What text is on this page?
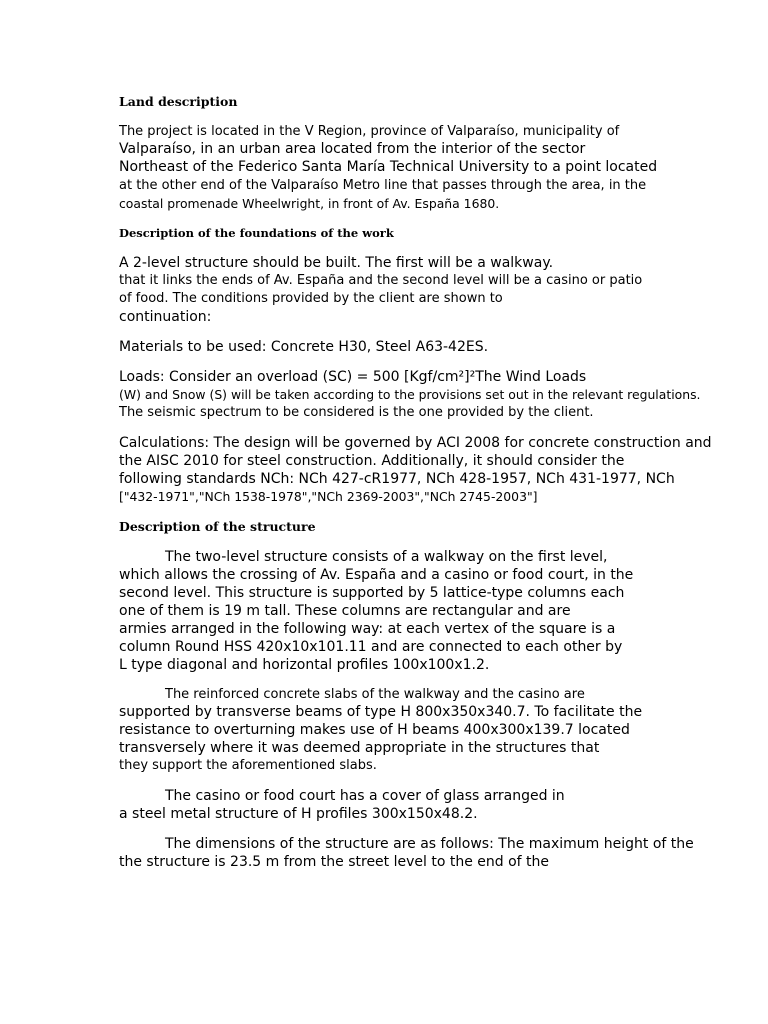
Land description
The project is located in the V Region, province of Valparaíso, municipality of
Valparaíso, in an urban area located from the interior of the sector
Northeast of the Federico Santa María Technical University to a point located
at the other end of the Valparaíso Metro line that passes through the area, in the
coastal promenade Wheelwright, in front of Av. España 1680.
Description of the foundations of the work
A 2-level structure should be built. The first will be a walkway.
that it links the ends of Av. España and the second level will be a casino or patio
of food. The conditions provided by the client are shown to
continuation:
Materials to be used: Concrete H30, Steel A63-42ES.
Loads: Consider an overload (SC) = 500 [Kgf/cm²]²The Wind Loads
(W) and Snow (S) will be taken according to the provisions set out in the relevant regulations.
The seismic spectrum to be considered is the one provided by the client.
Calculations: The design will be governed by ACI 2008 for concrete construction and
the AISC 2010 for steel construction. Additionally, it should consider the
following standards NCh: NCh 427-cR1977, NCh 428-1957, NCh 431-1977, NCh
["432-1971","NCh 1538-1978","NCh 2369-2003","NCh 2745-2003"]
Description of the structure
The two-level structure consists of a walkway on the first level,
which allows the crossing of Av. España and a casino or food court, in the
second level. This structure is supported by 5 lattice-type columns each
one of them is 19 m tall. These columns are rectangular and are
armies arranged in the following way: at each vertex of the square is a
column Round HSS 420x10x101.11 and are connected to each other by
L type diagonal and horizontal profiles 100x100x1.2.
The reinforced concrete slabs of the walkway and the casino are
supported by transverse beams of type H 800x350x340.7. To facilitate the
resistance to overturning makes use of H beams 400x300x139.7 located
transversely where it was deemed appropriate in the structures that
they support the aforementioned slabs.
The casino or food court has a cover of glass arranged in
a steel metal structure of H profiles 300x150x48.2.
The dimensions of the structure are as follows: The maximum height of the
the structure is 23.5 m from the street level to the end of the
